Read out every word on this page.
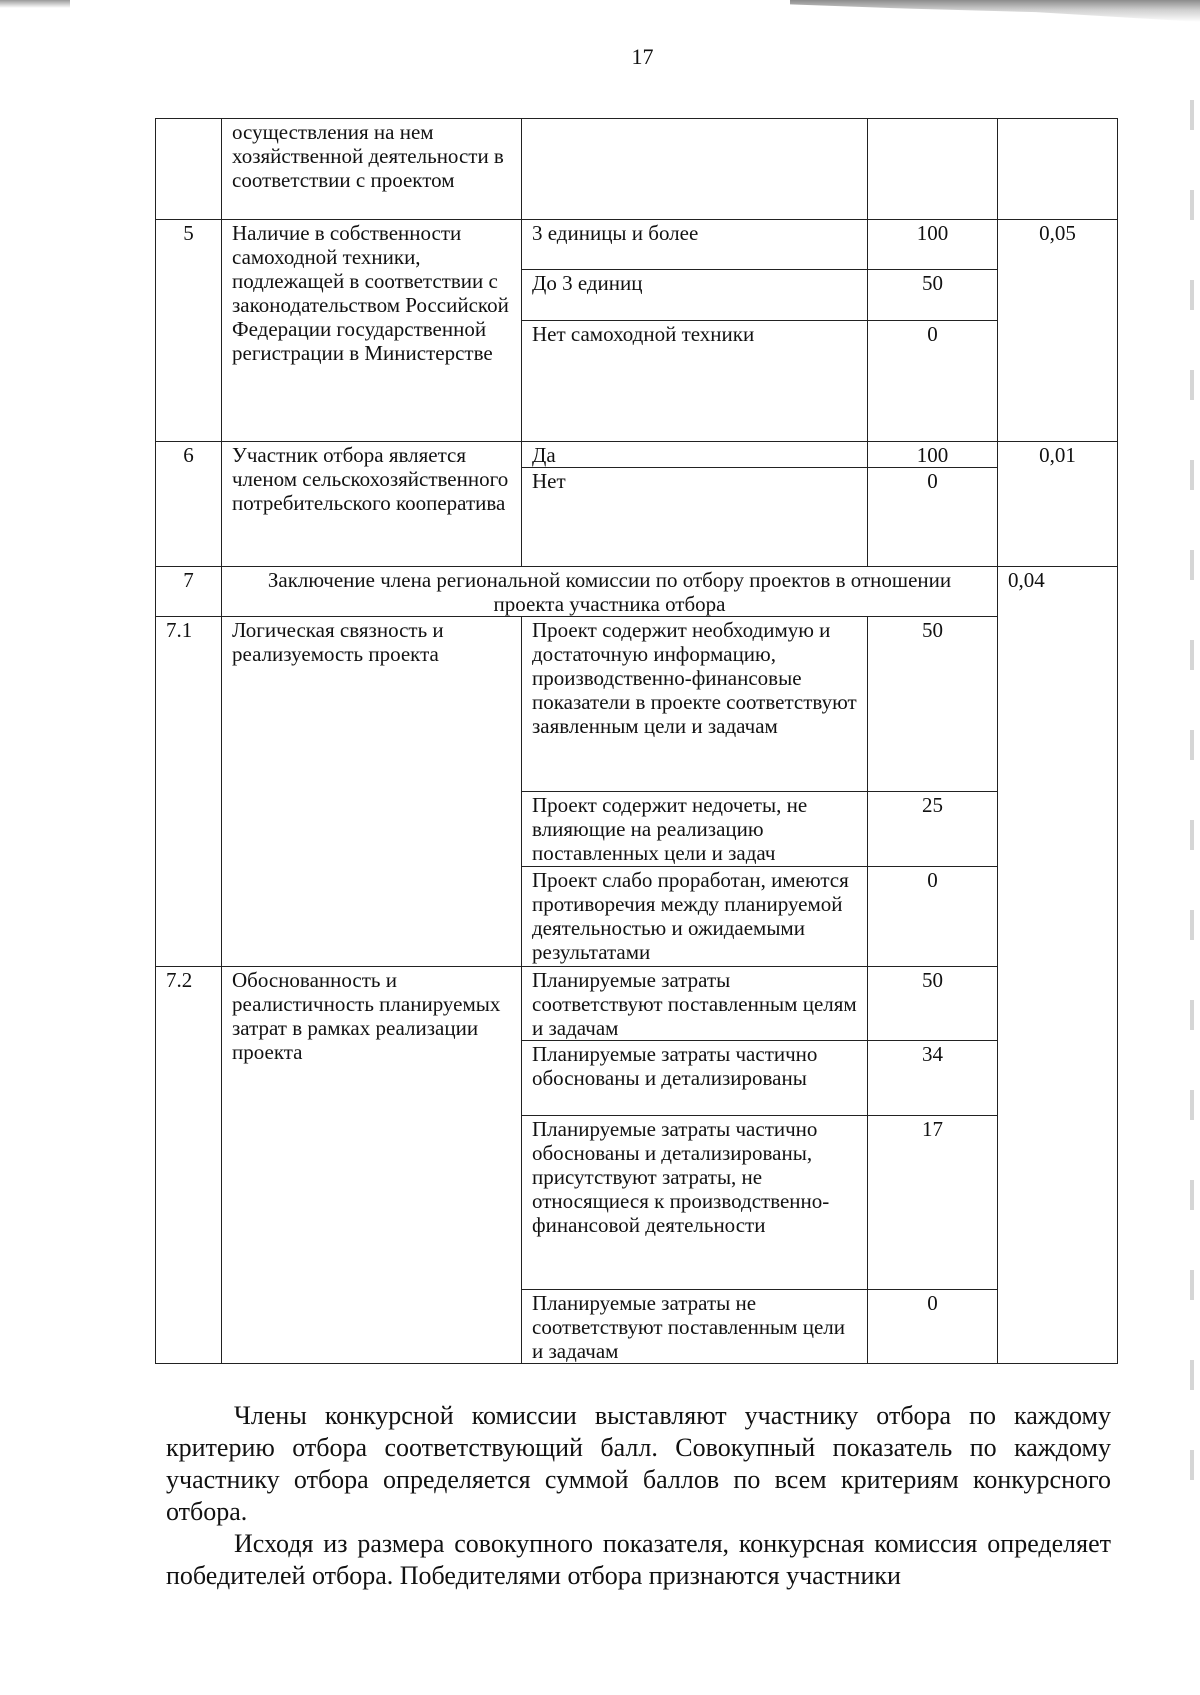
17
	осуществления на нем хозяйственной деятельности в соответствии с проектом			
5	Наличие в собственности самоходной техники, подлежащей в соответствии с законодательством Российской Федерации государственной регистрации в Министерстве	3 единицы и более	100	0,05
		До 3 единиц	50	
		Нет самоходной техники	0	
6	Участник отбора является членом сельскохозяйственного потребительского кооператива	Да	100	0,01
		Нет	0	
7	Заключение члена региональной комиссии по отбору проектов в отношении проекта участника отбора			0,04
7.1	Логическая связность и реализуемость проекта	Проект содержит необходимую и достаточную информацию, производственно-финансовые показатели в проекте соответствуют заявленным цели и задачам	50	
		Проект содержит недочеты, не влияющие на реализацию поставленных цели и задач	25	
		Проект слабо проработан, имеются противоречия между планируемой деятельностью и ожидаемыми результатами	0	
7.2	Обоснованность и реалистичность планируемых затрат в рамках реализации проекта	Планируемые затраты соответствуют поставленным целям и задачам	50	
		Планируемые затраты частично обоснованы и детализированы	34	
		Планируемые затраты частично обоснованы и детализированы, присутствуют затраты, не относящиеся к производственно-финансовой деятельности	17	
		Планируемые затраты не соответствуют поставленным цели и задачам	0	

Члены конкурсной комиссии выставляют участнику отбора по каждому критерию отбора соответствующий балл. Совокупный показатель по каждому участнику отбора определяется суммой баллов по всем критериям конкурсного отбора.

Исходя из размера совокупного показателя, конкурсная комиссия определяет победителей отбора. Победителями отбора признаются участники
